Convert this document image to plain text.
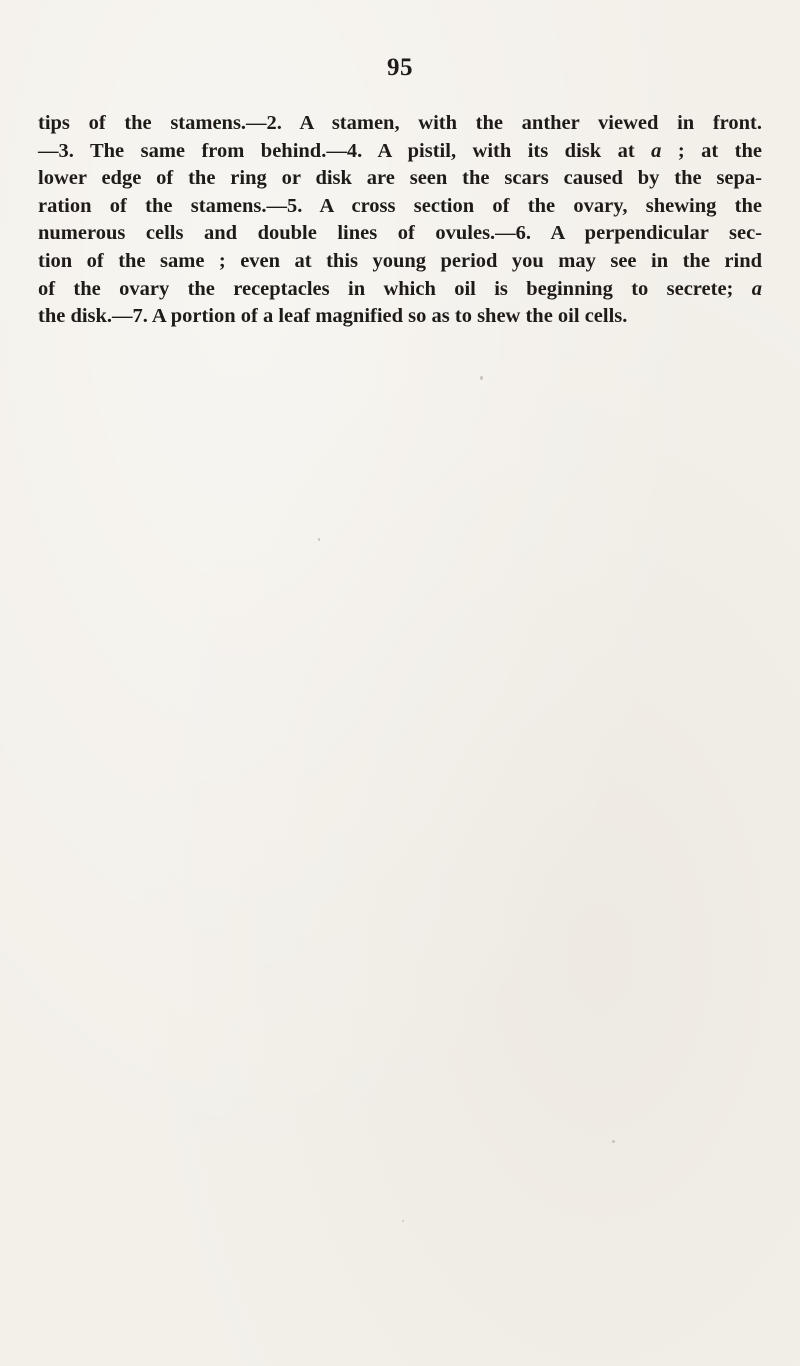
95
tips of the stamens.—2. A stamen, with the anther viewed in front.
—3. The same from behind.—4. A pistil, with its disk at a ; at the
lower edge of the ring or disk are seen the scars caused by the sepa-
ration of the stamens.—5. A cross section of the ovary, shewing the
numerous cells and double lines of ovules.—6. A perpendicular sec-
tion of the same ; even at this young period you may see in the rind
of the ovary the receptacles in which oil is beginning to secrete; a
the disk.—7. A portion of a leaf magnified so as to shew the oil cells.
